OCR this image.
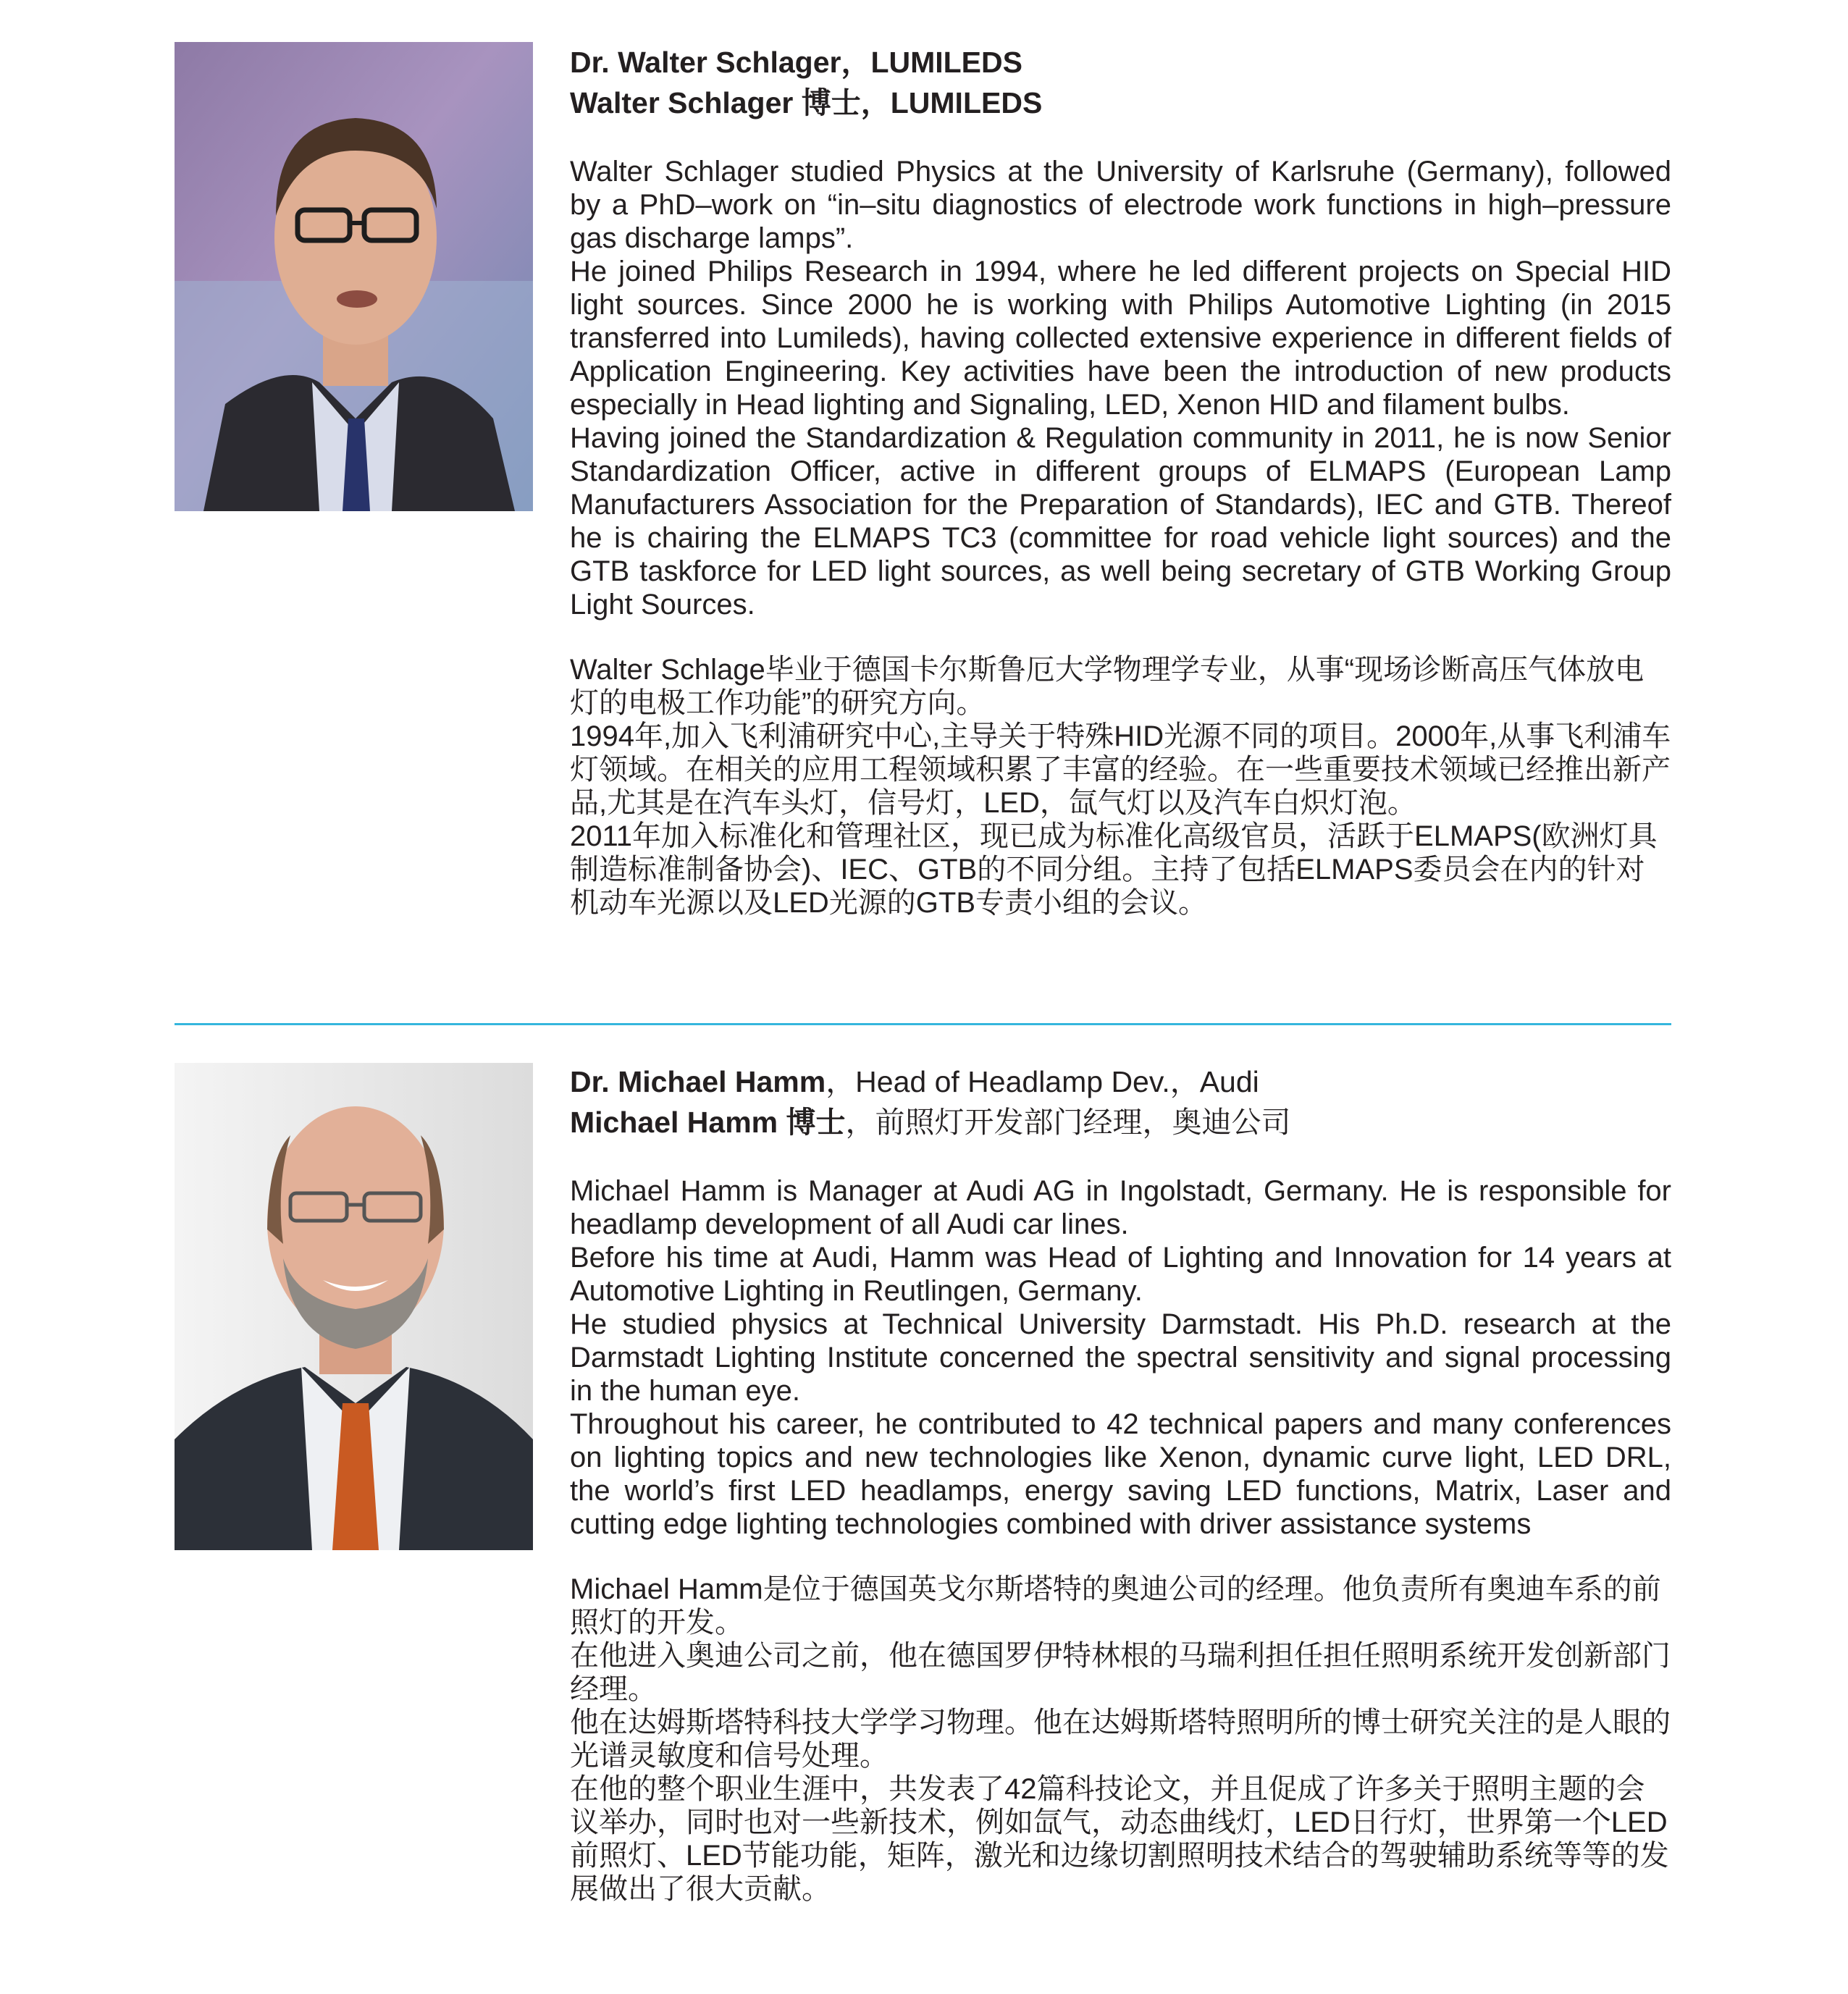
Dr. Walter Schlager，LUMILEDS

Walter Schlager 博士，LUMILEDS

Walter Schlager studied Physics at the University of Karlsruhe (Germany), followed by a PhD–work on “in–situ diagnostics of electrode work functions in high–pressure gas discharge lamps”.

He joined Philips Research in 1994, where he led different projects on Special HID light sources. Since 2000 he is working with Philips Automotive Lighting (in 2015 transferred into Lumileds), having collected extensive experience in different fields of Application Engineering. Key activities have been the introduction of new products especially in Head lighting and Signaling, LED, Xenon HID and filament bulbs.

Having joined the Standardization & Regulation community in 2011, he is now Senior Standardization Officer, active in different groups of ELMAPS (European Lamp Manufacturers Association for the Preparation of Standards), IEC and GTB. Thereof he is chairing the ELMAPS TC3 (committee for road vehicle light sources) and the GTB taskforce for LED light sources, as well being secretary of GTB Working Group Light Sources.

Walter Schlage毕业于德国卡尔斯鲁厄大学物理学专业，从事“现场诊断高压气体放电灯的电极工作功能”的研究方向。

1994年,加入飞利浦研究中心,主导关于特殊HID光源不同的项目。2000年,从事飞利浦车灯领域。在相关的应用工程领域积累了丰富的经验。在一些重要技术领域已经推出新产品,尤其是在汽车头灯，信号灯，LED，氙气灯以及汽车白炽灯泡。

2011年加入标准化和管理社区，现已成为标准化高级官员，活跃于ELMAPS(欧洲灯具制造标准制备协会)、IEC、GTB的不同分组。主持了包括ELMAPS委员会在内的针对机动车光源以及LED光源的GTB专责小组的会议。

Dr. Michael Hamm，Head of Headlamp Dev.，Audi

Michael Hamm 博士，前照灯开发部门经理，奥迪公司

Michael Hamm is Manager at Audi AG in Ingolstadt, Germany. He is responsible for headlamp development of all Audi car lines.

Before his time at Audi, Hamm was Head of Lighting and Innovation for 14 years at Automotive Lighting in Reutlingen, Germany.

He studied physics at Technical University Darmstadt. His Ph.D. research at the Darmstadt Lighting Institute concerned the spectral sensitivity and signal processing in the human eye.

Throughout his career, he contributed to 42 technical papers and many conferences on lighting topics and new technologies like Xenon, dynamic curve light, LED DRL, the world’s first LED headlamps, energy saving LED functions, Matrix, Laser and cutting edge lighting technologies combined with driver assistance systems

Michael Hamm是位于德国英戈尔斯塔特的奥迪公司的经理。他负责所有奥迪车系的前照灯的开发。

在他进入奥迪公司之前，他在德国罗伊特林根的马瑞利担任担任照明系统开发创新部门经理。

他在达姆斯塔特科技大学学习物理。他在达姆斯塔特照明所的博士研究关注的是人眼的光谱灵敏度和信号处理。

在他的整个职业生涯中，共发表了42篇科技论文，并且促成了许多关于照明主题的会议举办，同时也对一些新技术，例如氙气，动态曲线灯，LED日行灯，世界第一个LED前照灯、LED节能功能，矩阵，激光和边缘切割照明技术结合的驾驶辅助系统等等的发展做出了很大贡献。
